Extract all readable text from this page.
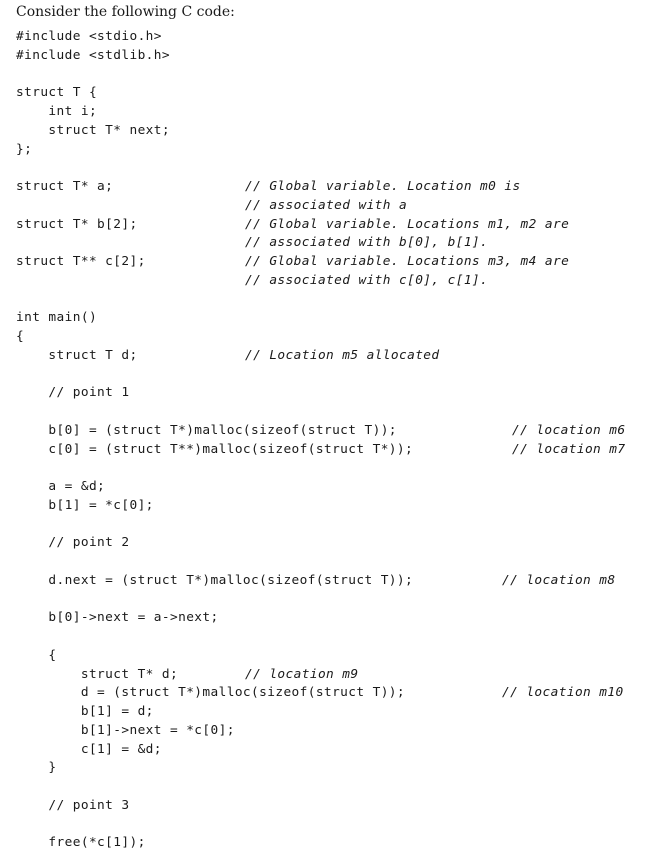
Consider the following C code:
#include <stdio.h>
#include <stdlib.h>
struct T {
int i;
struct T* next;
};
struct T* a;	// Global variable. Location m0 is
// associated with a
struct T* b[2];	// Global variable. Locations m1, m2 are
// associated with b[0], b[1].
struct T** c[2];	// Global variable. Locations m3, m4 are
// associated with c[0], c[1].
int main()
{
struct T d;	// Location m5 allocated
// point 1
b[0] = (struct T*)malloc(sizeof(struct T));	// location m6
c[0] = (struct T**)malloc(sizeof(struct T*));	// location m7
a = &d;
b[1] = *c[0];
// point 2
d.next = (struct T*)malloc(sizeof(struct T));	// location m8
b[0]->next = a->next;
{
struct T* d;	// location m9
d = (struct T*)malloc(sizeof(struct T));	// location m10
b[1] = d;
b[1]->next = *c[0];
c[1] = &d;
}
// point 3
free(*c[1]);
